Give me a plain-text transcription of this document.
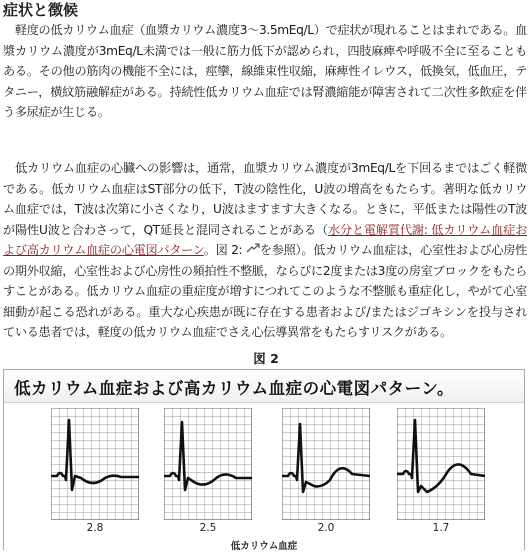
症状と徴候

　軽度の低カリウム血症（血漿カリウム濃度3〜3.5mEq/L）で症状が現れることはまれである。血漿カリウム濃度が3mEq/L未満では一般に筋力低下が認められ，四肢麻痺や呼吸不全に至ることもある。その他の筋肉の機能不全には，痙攣，線維束性収縮，麻痺性イレウス，低換気，低血圧，テタニー，横紋筋融解症がある。持続性低カリウム血症では腎濃縮能が障害されて二次性多飲症を伴う多尿症が生じる。

　低カリウム血症の心臓への影響は，通常，血漿カリウム濃度が3mEq/Lを下回るまではごく軽微である。低カリウム血症はST部分の低下，T波の陰性化，U波の増高をもたらす。著明な低カリウム血症では，T波は次第に小さくなり，U波はますます大きくなる。ときに，平低または陽性のT波が陽性U波と合わさって，QT延長と混同されることがある（水分と電解質代謝: 低カリウム血症および高カリウム血症の心電図パターン。図 2: を参照）。低カリウム血症は，心室性および心房性の期外収縮，心室性および心房性の頻拍性不整脈，ならびに2度または3度の房室ブロックをもたらすことがある。低カリウム血症の重症度が増すにつれてこのような不整脈も重症化し，やがて心室細動が起こる恐れがある。重大な心疾患が既に存在する患者および/またはジゴキシンを投与されている患者では，軽度の低カリウム血症でさえ心伝導異常をもたらすリスクがある。

図 2
低カリウム血症および高カリウム血症の心電図パターン。
2.8	2.5	2.0	1.7
低カリウム血症
